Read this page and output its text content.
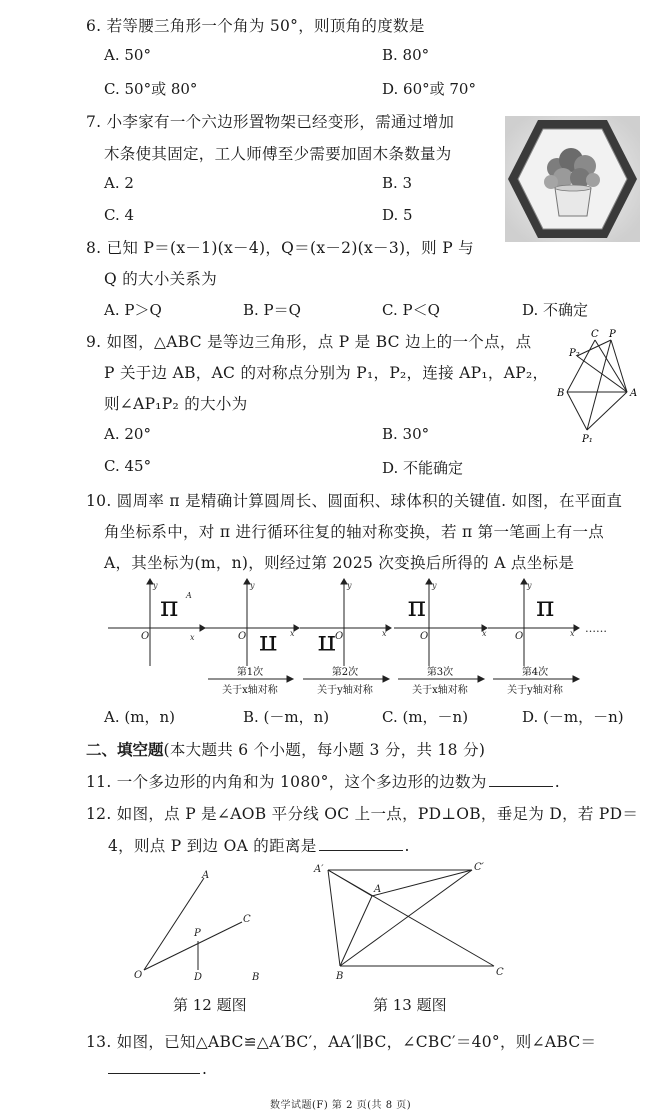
6. 若等腰三角形一个角为 50°，则顶角的度数是
A. 50°	B. 80°
C. 50°或 80°	D. 60°或 70°
7. 小李家有一个六边形置物架已经变形，需通过增加
木条使其固定，工人师傅至少需要加固木条数量为
A. 2	B. 3
C. 4	D. 5
8. 已知 P＝(x－1)(x－4)，Q＝(x－2)(x－3)，则 P 与
Q 的大小关系为
A. P＞Q	B. P＝Q	C. P＜Q	D. 不确定
9. 如图，△ABC 是等边三角形，点 P 是 BC 边上的一个点，点
P 关于边 AB，AC 的对称点分别为 P₁，P₂，连接 AP₁，AP₂，
则∠AP₁P₂ 的大小为
A. 20°	B. 30°
C. 45°	D. 不能确定
C P
P₂
B	A
P₁
10. 圆周率 π 是精确计算圆周长、圆面积、球体积的关键值. 如图，在平面直
角坐标系中，对 π 进行循环往复的轴对称变换，若 π 第一笔画上有一点
A，其坐标为(m，n)，则经过第 2025 次变换后所得的 A 点坐标是
y
x
y
x
y
x
y
x
y
x
O	O	O	O	O
π A
π π
π	π
……
第1次
关于x轴对称
第2次
关于y轴对称
第3次
关于x轴对称
第4次
关于y轴对称
A. (m，n)	B. (－m，n)	C. (m，－n)	D. (－m，－n)
二、填空题(本大题共 6 个小题，每小题 3 分，共 18 分)
11. 一个多边形的内角和为 1080°，这个多边形的边数为	.
12. 如图，点 P 是∠AOB 平分线 OC 上一点，PD⊥OB，垂足为 D，若 PD＝
4，则点 P 到边 OA 的距离是	.
A
C
P
O	D	B
第 12 题图
A′
A
C′
B	C
第 13 题图
13. 如图，已知△ABC≌△A′BC′，AA′∥BC，∠CBC′＝40°，则∠ABC＝
.
数学试题(F) 第 2 页(共 8 页)
